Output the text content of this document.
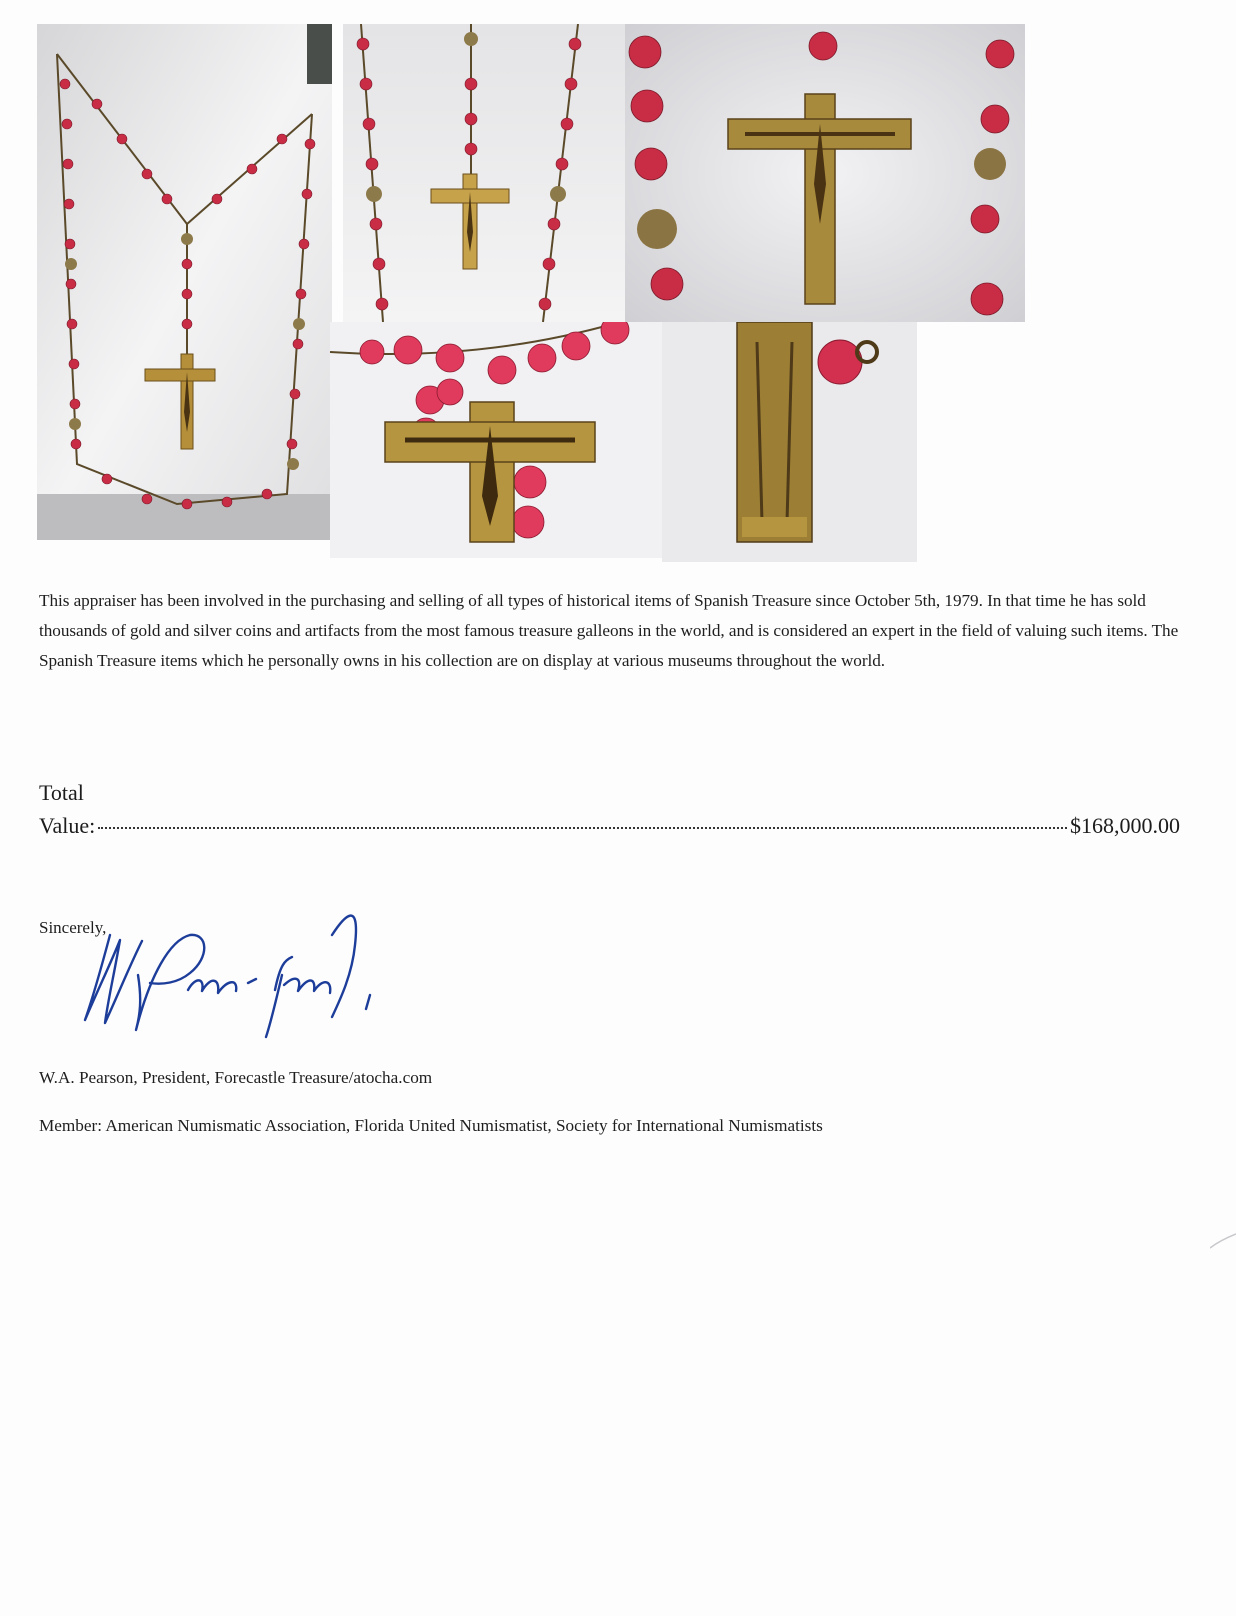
This appraiser has been involved in the purchasing and selling of all types of historical items of Spanish Treasure since October 5th, 1979. In that time he has sold thousands of gold and silver coins and artifacts from the most famous treasure galleons in the world, and is considered an expert in the field of valuing such items. The Spanish Treasure items which he personally owns in his collection are on display at various museums throughout the world.
Total
Value:	$168,000.00
Sincerely,
W.A. Pearson, President, Forecastle Treasure/atocha.com
Member: American Numismatic Association, Florida United Numismatist, Society for International Numismatists
